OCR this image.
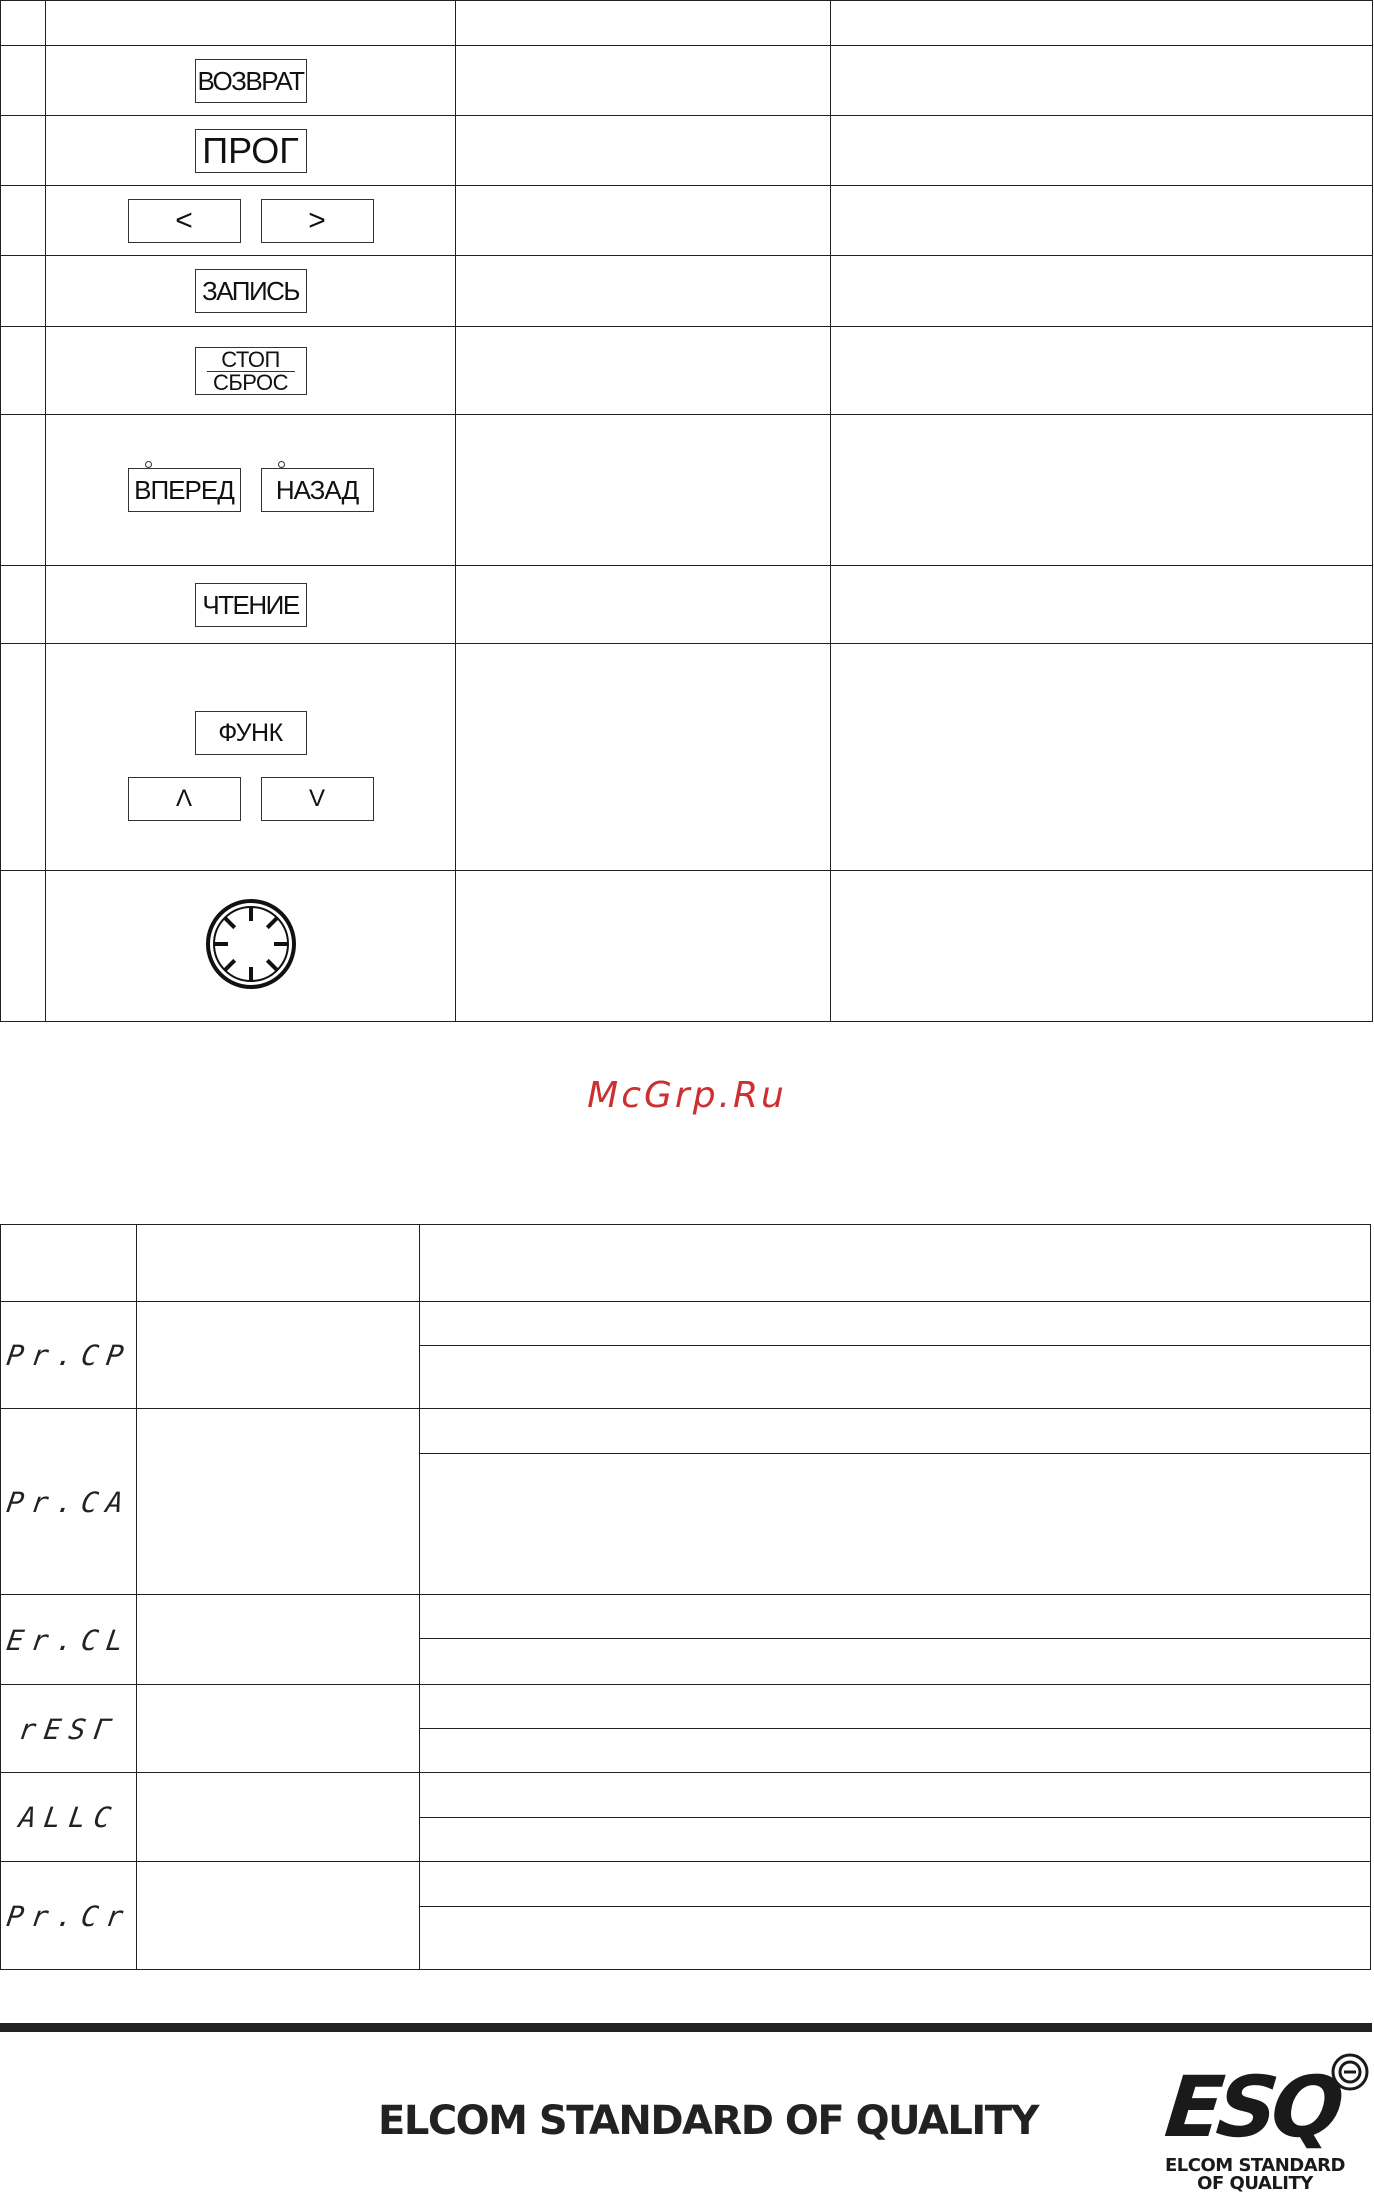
	ВОЗВРАТ		
	ПРОГ		

	< >		

	ЗАПИСЬ		

	СТОП
СБРОС		

ВПЕРЕД НАЗАД		

	ЧТЕНИЕ		

	ФУНК
Λ V		

McGrp.Ru

Pr.CP		

Pr.CA		

Er.CL		

rESГ		

ALLC		

Pr.Cr		

ELCOM STANDARD OF QUALITY ESQ
ELCOM STANDARD
OF QUALITY
